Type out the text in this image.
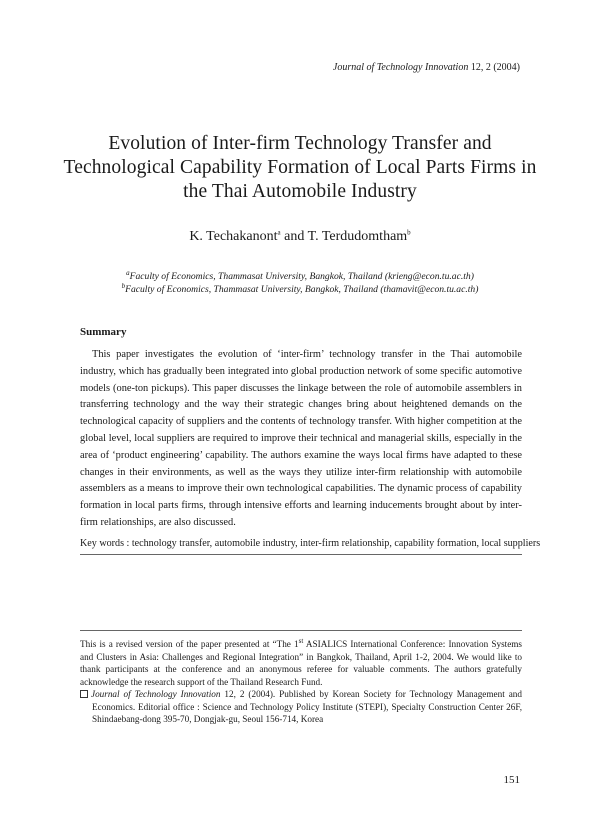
Journal of Technology Innovation 12, 2 (2004)
Evolution of Inter-firm Technology Transfer and Technological Capability Formation of Local Parts Firms in the Thai Automobile Industry
K. Techakanont$^a$ and T. Terdudomtham$^b$
$^a$Faculty of Economics, Thammasat University, Bangkok, Thailand (krieng@econ.tu.ac.th)
$^b$Faculty of Economics, Thammasat University, Bangkok, Thailand (thamavit@econ.tu.ac.th)
Summary

This paper investigates the evolution of ‘inter-firm’ technology transfer in the Thai automobile industry, which has gradually been integrated into global production network of some specific automotive models (one-ton pickups). This paper discusses the linkage between the role of automobile assemblers in transferring technology and the way their strategic changes bring about heightened demands on the technological capacity of suppliers and the contents of technology transfer. With higher competition at the global level, local suppliers are required to improve their technical and managerial skills, especially in the area of ‘product engineering’ capability. The authors examine the ways local firms have adapted to these changes in their environments, as well as the ways they utilize inter-firm relationship with automobile assemblers as a means to improve their own technological capabilities. The dynamic process of capability formation in local parts firms, through intensive efforts and learning inducements brought about by inter-firm relationships, are also discussed.

Key words : technology transfer, automobile industry, inter-firm relationship, capability formation, local suppliers

This is a revised version of the paper presented at “The 1st ASIALICS International Conference: Innovation Systems and Clusters in Asia: Challenges and Regional Integration” in Bangkok, Thailand, April 1-2, 2004. We would like to thank participants at the conference and an anonymous referee for valuable comments. The authors gratefully acknowledge the research support of the Thailand Research Fund.

Journal of Technology Innovation 12, 2 (2004). Published by Korean Society for Technology Management and Economics. Editorial office : Science and Technology Policy Institute (STEPI), Specialty Construction Center 26F, Shindaebang-dong 395-70, Dongjak-gu, Seoul 156-714, Korea

151
